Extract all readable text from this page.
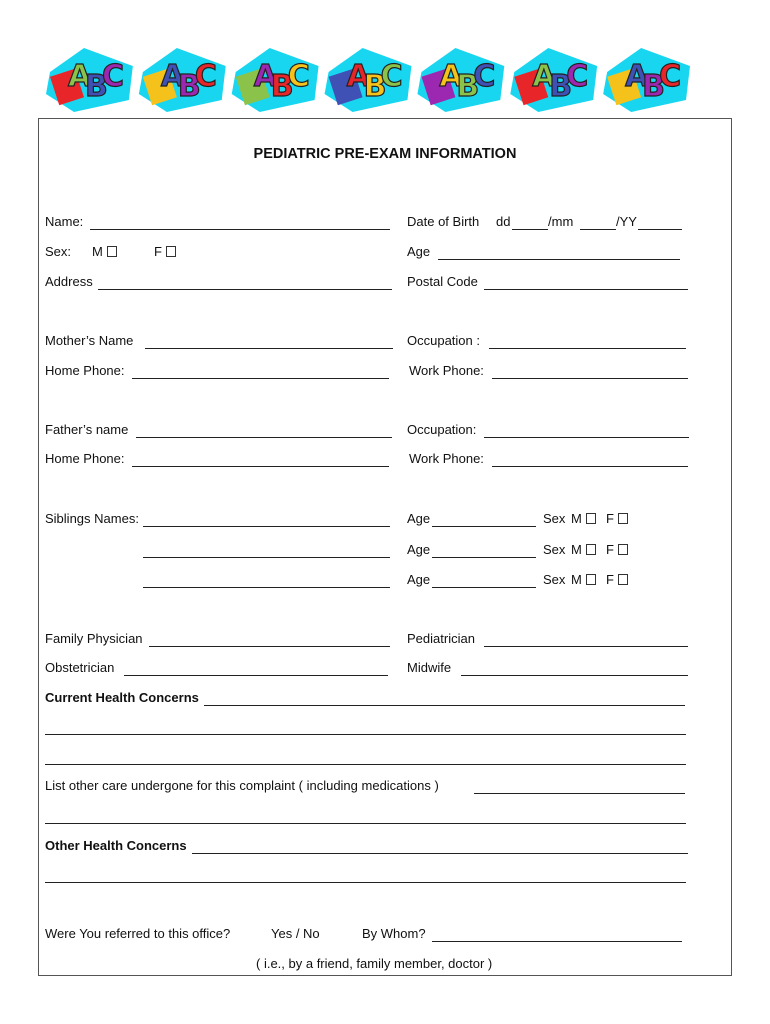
A
B
C A
B
C A
B
C A
B
C A
B
C A
B
C A
B
C
PEDIATRIC PRE-EXAM INFORMATION
Name:	Date of Birth dd	/mm	/YY
Sex: M	F	Age
Address	Postal Code
Mother’s Name	Occupation :
Home Phone:	Work Phone:
Father’s name	Occupation:
Home Phone:	Work Phone:
Siblings Names:	Age	Sex M	F
Age	Sex M	F
Age	Sex M	F
Family Physician	Pediatrician
Obstetrician	Midwife
Current Health Concerns
List other care undergone for this complaint ( including medications )
Other Health Concerns
Were You referred to this office?	Yes / No	By Whom?
( i.e., by a friend, family member, doctor )
